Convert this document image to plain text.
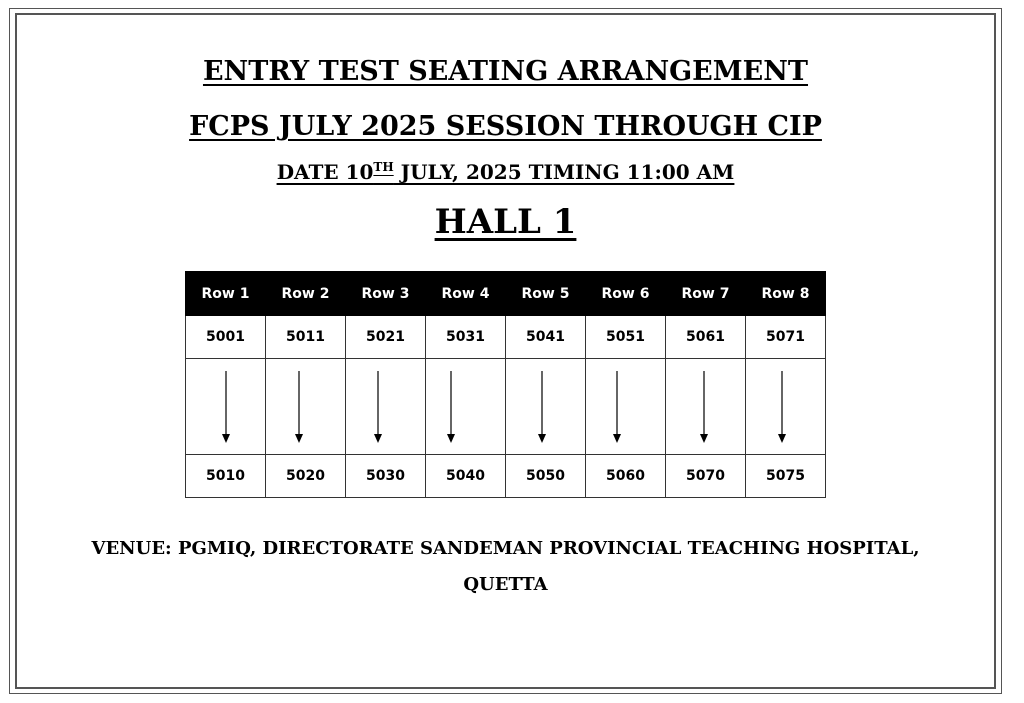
ENTRY TEST SEATING ARRANGEMENT
FCPS JULY 2025 SESSION THROUGH CIP
DATE 10TH JULY, 2025 TIMING 11:00 AM
HALL 1
Row 1	Row 2	Row 3	Row 4	Row 5	Row 6	Row 7	Row 8
5001	5011	5021	5031	5041	5051	5061	5071

5010	5020	5030	5040	5050	5060	5070	5075
VENUE: PGMIQ, DIRECTORATE SANDEMAN PROVINCIAL TEACHING HOSPITAL,
QUETTA
